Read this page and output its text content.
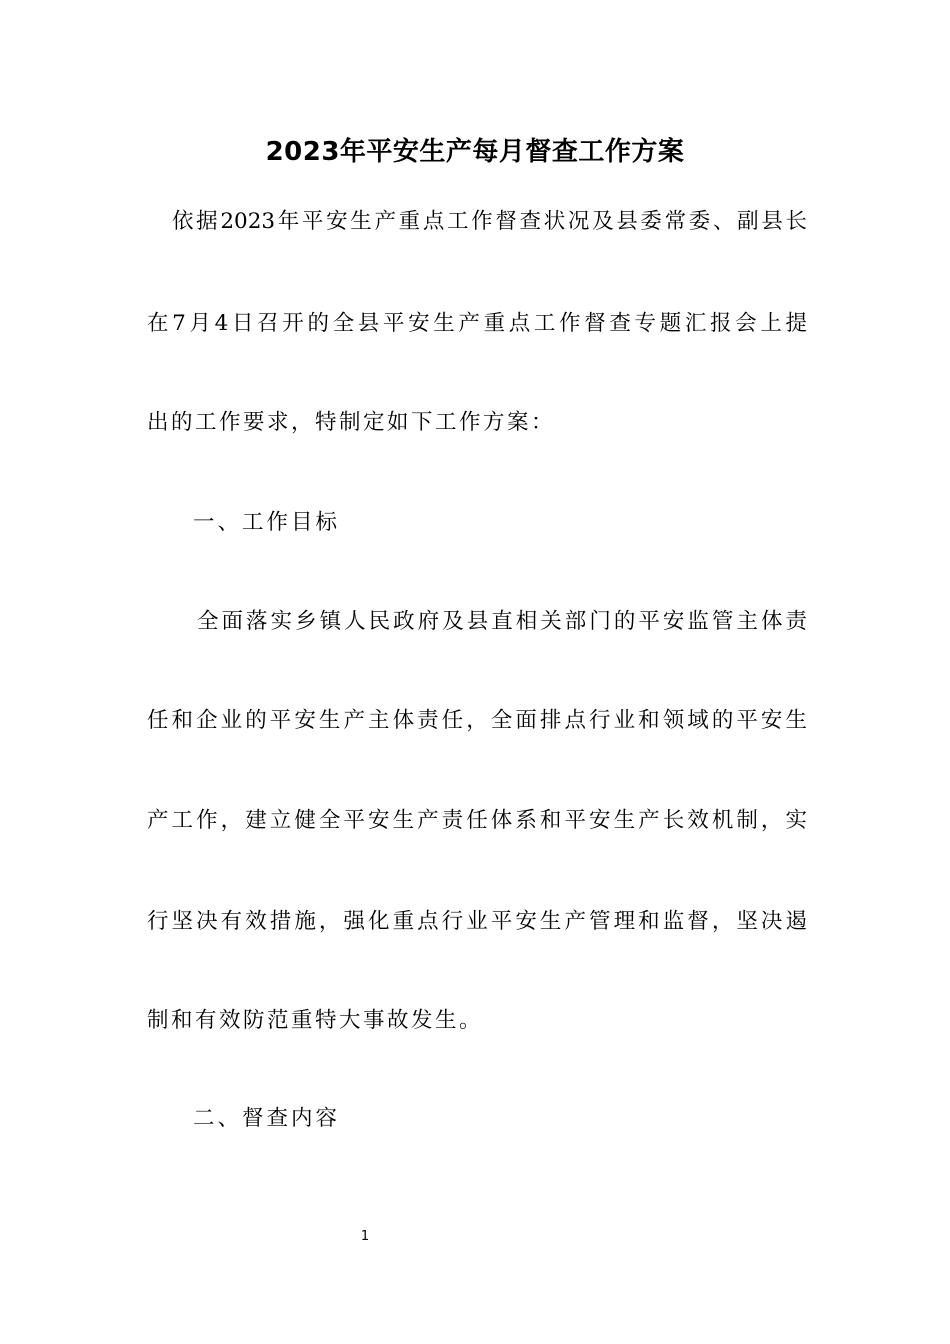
2023年平安生产每月督查工作方案
依据2023年平安生产重点工作督查状况及县委常委、副县长
在7月4日召开的全县平安生产重点工作督查专题汇报会上提
出的工作要求，特制定如下工作方案：
一、工作目标
全面落实乡镇人民政府及县直相关部门的平安监管主体责
任和企业的平安生产主体责任，全面排点行业和领域的平安生
产工作，建立健全平安生产责任体系和平安生产长效机制，实
行坚决有效措施，强化重点行业平安生产管理和监督，坚决遏
制和有效防范重特大事故发生。
二、督查内容
1
